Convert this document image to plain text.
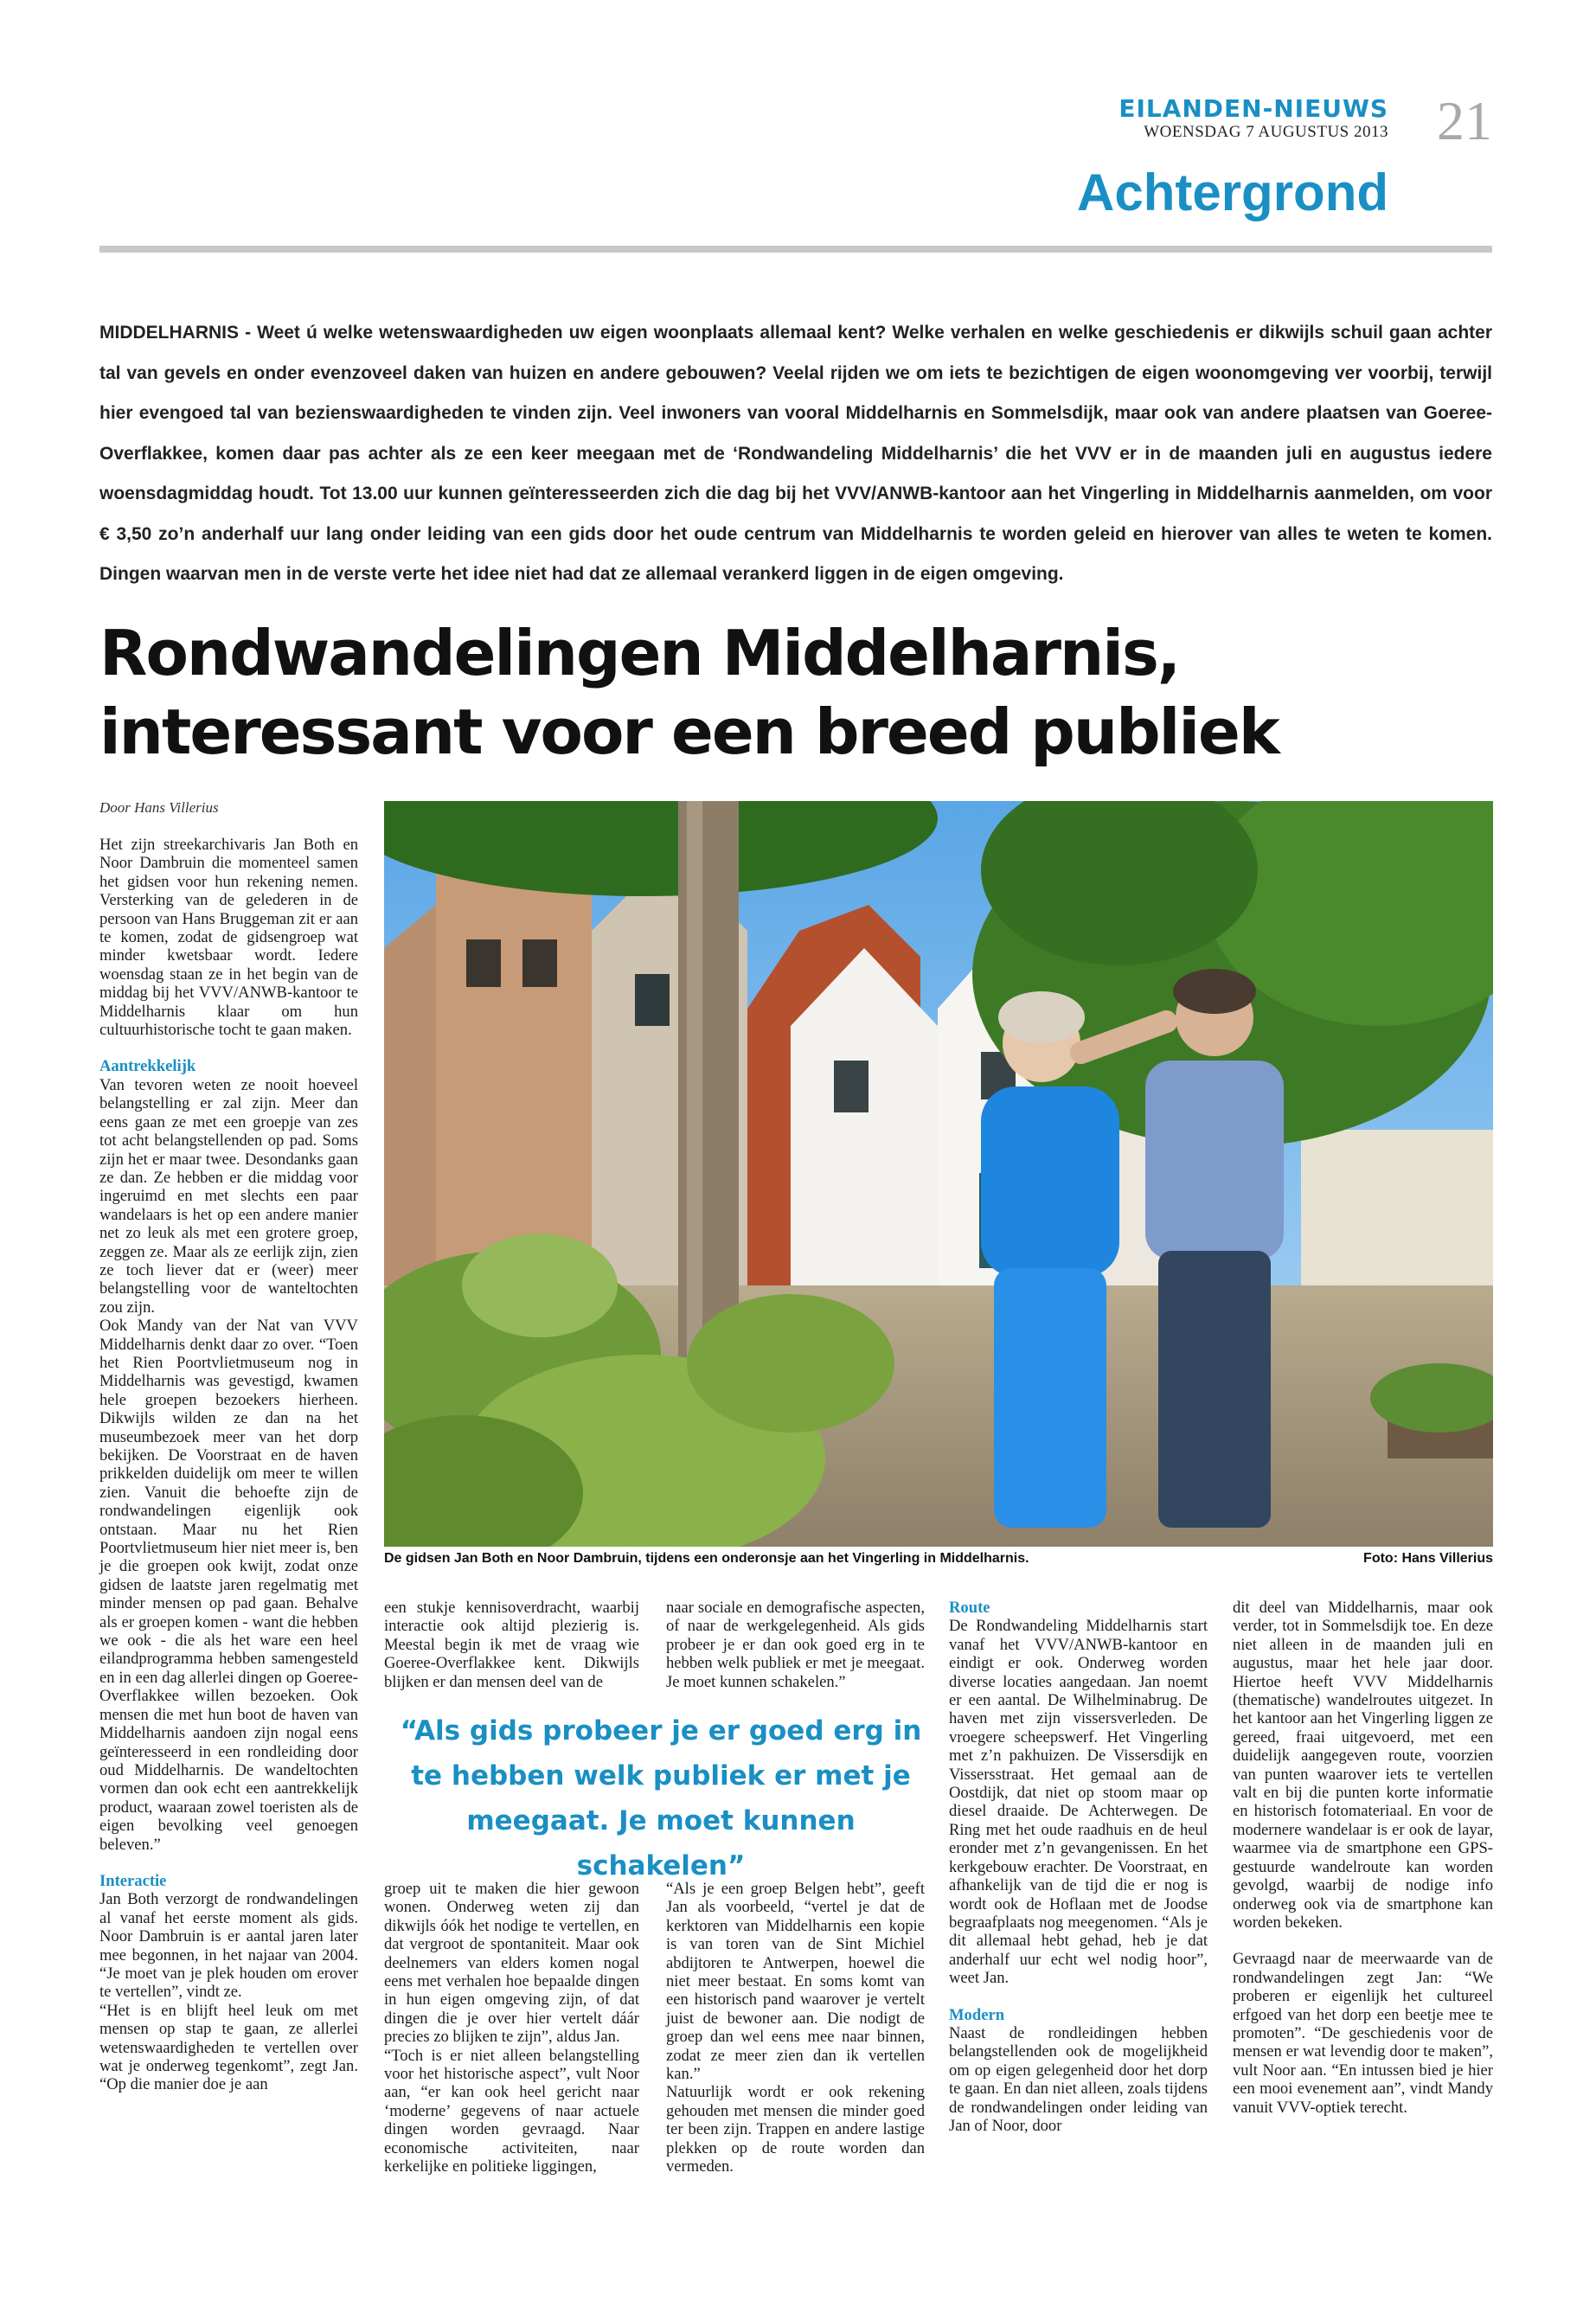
EILANDEN-NIEUWS
WOENSDAG 7 AUGUSTUS 2013 21
Achtergrond

MIDDELHARNIS - Weet ú welke wetenswaardigheden uw eigen woonplaats allemaal kent? Welke verhalen en welke geschiedenis er dikwijls schuil gaan achter tal van gevels en onder evenzoveel daken van huizen en andere gebouwen? Veelal rijden we om iets te bezichtigen de eigen woonomgeving ver voorbij, terwijl hier evengoed tal van bezienswaardigheden te vinden zijn. Veel inwoners van vooral Middelharnis en Sommelsdijk, maar ook van andere plaatsen van Goeree-Overflakkee, komen daar pas achter als ze een keer meegaan met de ‘Rondwandeling Middelharnis’ die het VVV er in de maanden juli en augustus iedere woensdagmiddag houdt. Tot 13.00 uur kunnen geïnteresseerden zich die dag bij het VVV/ANWB-kantoor aan het Vingerling in Middelharnis aanmelden, om voor € 3,50 zo’n anderhalf uur lang onder leiding van een gids door het oude centrum van Middelharnis te worden geleid en hierover van alles te weten te komen. Dingen waarvan men in de verste verte het idee niet had dat ze allemaal verankerd liggen in de eigen omgeving.

Rondwandelingen Middelharnis, interessant voor een breed publiek
Door Hans Villerius
De gidsen Jan Both en Noor Dambruin, tijdens een onderonsje aan het Vingerling in Middelharnis.	Foto: Hans Villerius

Het zijn streekarchivaris Jan Both en Noor Dambruin die momenteel samen het gidsen voor hun rekening nemen. Versterking van de gelederen in de persoon van Hans Bruggeman zit er aan te komen, zodat de gidsengroep wat minder kwetsbaar wordt. Iedere woensdag staan ze in het begin van de middag bij het VVV/ANWB-kantoor te Middelharnis klaar om hun cultuurhistorische tocht te gaan maken.

Aantrekkelijk

Van tevoren weten ze nooit hoeveel belangstelling er zal zijn. Meer dan eens gaan ze met een groepje van zes tot acht belangstellenden op pad. Soms zijn het er maar twee. Desondanks gaan ze dan. Ze hebben er die middag voor ingeruimd en met slechts een paar wandelaars is het op een andere manier net zo leuk als met een grotere groep, zeggen ze. Maar als ze eerlijk zijn, zien ze toch liever dat er (weer) meer belangstelling voor de wanteltochten zou zijn.

Ook Mandy van der Nat van VVV Middelharnis denkt daar zo over. “Toen het Rien Poortvlietmuseum nog in Middelharnis was gevestigd, kwamen hele groepen bezoekers hierheen. Dikwijls wilden ze dan na het museumbezoek meer van het dorp bekijken. De Voorstraat en de haven prikkelden duidelijk om meer te willen zien. Vanuit die behoefte zijn de rondwandelingen eigenlijk ook ontstaan. Maar nu het Rien Poortvlietmuseum hier niet meer is, ben je die groepen ook kwijt, zodat onze gidsen de laatste jaren regelmatig met minder mensen op pad gaan. Behalve als er groepen komen - want die hebben we ook - die als het ware een heel eilandprogramma hebben samengesteld en in een dag allerlei dingen op Goeree-Overflakkee willen bezoeken. Ook mensen die met hun boot de haven van Middelharnis aandoen zijn nogal eens geïnteresseerd in een rondleiding door oud Middelharnis. De wandeltochten vormen dan ook echt een aantrekkelijk product, waaraan zowel toeristen als de eigen bevolking veel genoegen beleven.”

Interactie

Jan Both verzorgt de rondwandelingen al vanaf het eerste moment als gids. Noor Dambruin is er aantal jaren later mee begonnen, in het najaar van 2004. “Je moet van je plek houden om erover te vertellen”, vindt ze.

“Het is en blijft heel leuk om met mensen op stap te gaan, ze allerlei wetenswaardigheden te vertellen over wat je onderweg tegenkomt”, zegt Jan. “Op die manier doe je aan

een stukje kennisoverdracht, waarbij interactie ook altijd plezierig is. Meestal begin ik met de vraag wie Goeree-Overflakkee kent. Dikwijls blijken er dan mensen deel van de

groep uit te maken die hier gewoon wonen. Onderweg weten zij dan dikwijls óók het nodige te vertellen, en dat vergroot de spontaniteit. Maar ook deelnemers van elders komen nogal eens met verhalen hoe bepaalde dingen in hun eigen omgeving zijn, of dat dingen die je over hier vertelt dáár precies zo blijken te zijn”, aldus Jan.

“Toch is er niet alleen belangstelling voor het historische aspect”, vult Noor aan, “er kan ook heel gericht naar ‘moderne’ gegevens of naar actuele dingen worden gevraagd. Naar economische activiteiten, naar kerkelijke en politieke liggingen,

naar sociale en demografische aspecten, of naar de werkgelegenheid. Als gids probeer je er dan ook goed erg in te hebben welk publiek er met je meegaat. Je moet kunnen schakelen.”

“Als je een groep Belgen hebt”, geeft Jan als voorbeeld, “vertel je dat de kerktoren van Middelharnis een kopie is van toren van de Sint Michiel abdijtoren te Antwerpen, hoewel die niet meer bestaat. En soms komt van een historisch pand waarover je vertelt juist de bewoner aan. Die nodigt de groep dan wel eens mee naar binnen, zodat ze meer zien dan ik vertellen kan.”

Natuurlijk wordt er ook rekening gehouden met mensen die minder goed ter been zijn. Trappen en andere lastige plekken op de route worden dan vermeden.

“Als gids probeer je er goed erg in te hebben welk publiek er met je meegaat. Je moet kunnen schakelen”
Route

De Rondwandeling Middelharnis start vanaf het VVV/ANWB-kantoor en eindigt er ook. Onderweg worden diverse locaties aangedaan. Jan noemt er een aantal. De Wilhelminabrug. De haven met zijn vissersverleden. De vroegere scheepswerf. Het Vingerling met z’n pakhuizen. De Vissersdijk en Vissersstraat. Het gemaal aan de Oostdijk, dat niet op stoom maar op diesel draaide. De Achterwegen. De Ring met het oude raadhuis en de heul eronder met z’n gevangenissen. En het kerkgebouw erachter. De Voorstraat, en afhankelijk van de tijd die er nog is wordt ook de Hoflaan met de Joodse begraafplaats nog meegenomen. “Als je dit allemaal hebt gehad, heb je dat anderhalf uur echt wel nodig hoor”, weet Jan.

Modern

Naast de rondleidingen hebben belangstellenden ook de mogelijkheid om op eigen gelegenheid door het dorp te gaan. En dan niet alleen, zoals tijdens de rondwandelingen onder leiding van Jan of Noor, door

dit deel van Middelharnis, maar ook verder, tot in Sommelsdijk toe. En deze niet alleen in de maanden juli en augustus, maar het hele jaar door. Hiertoe heeft VVV Middelharnis (thematische) wandelroutes uitgezet. In het kantoor aan het Vingerling liggen ze gereed, fraai uitgevoerd, met een duidelijk aangegeven route, voorzien van punten waarover iets te vertellen valt en bij die punten korte informatie en historisch fotomateriaal. En voor de modernere wandelaar is er ook de layar, waarmee via de smartphone een GPS-gestuurde wandelroute kan worden gevolgd, waarbij de nodige info onderweg ook via de smartphone kan worden bekeken.

Gevraagd naar de meerwaarde van de rondwandelingen zegt Jan: “We proberen er eigenlijk het cultureel erfgoed van het dorp een beetje mee te promoten”. “De geschiedenis voor de mensen er wat levendig door te maken”, vult Noor aan. “En intussen bied je hier een mooi evenement aan”, vindt Mandy vanuit VVV-optiek terecht.
